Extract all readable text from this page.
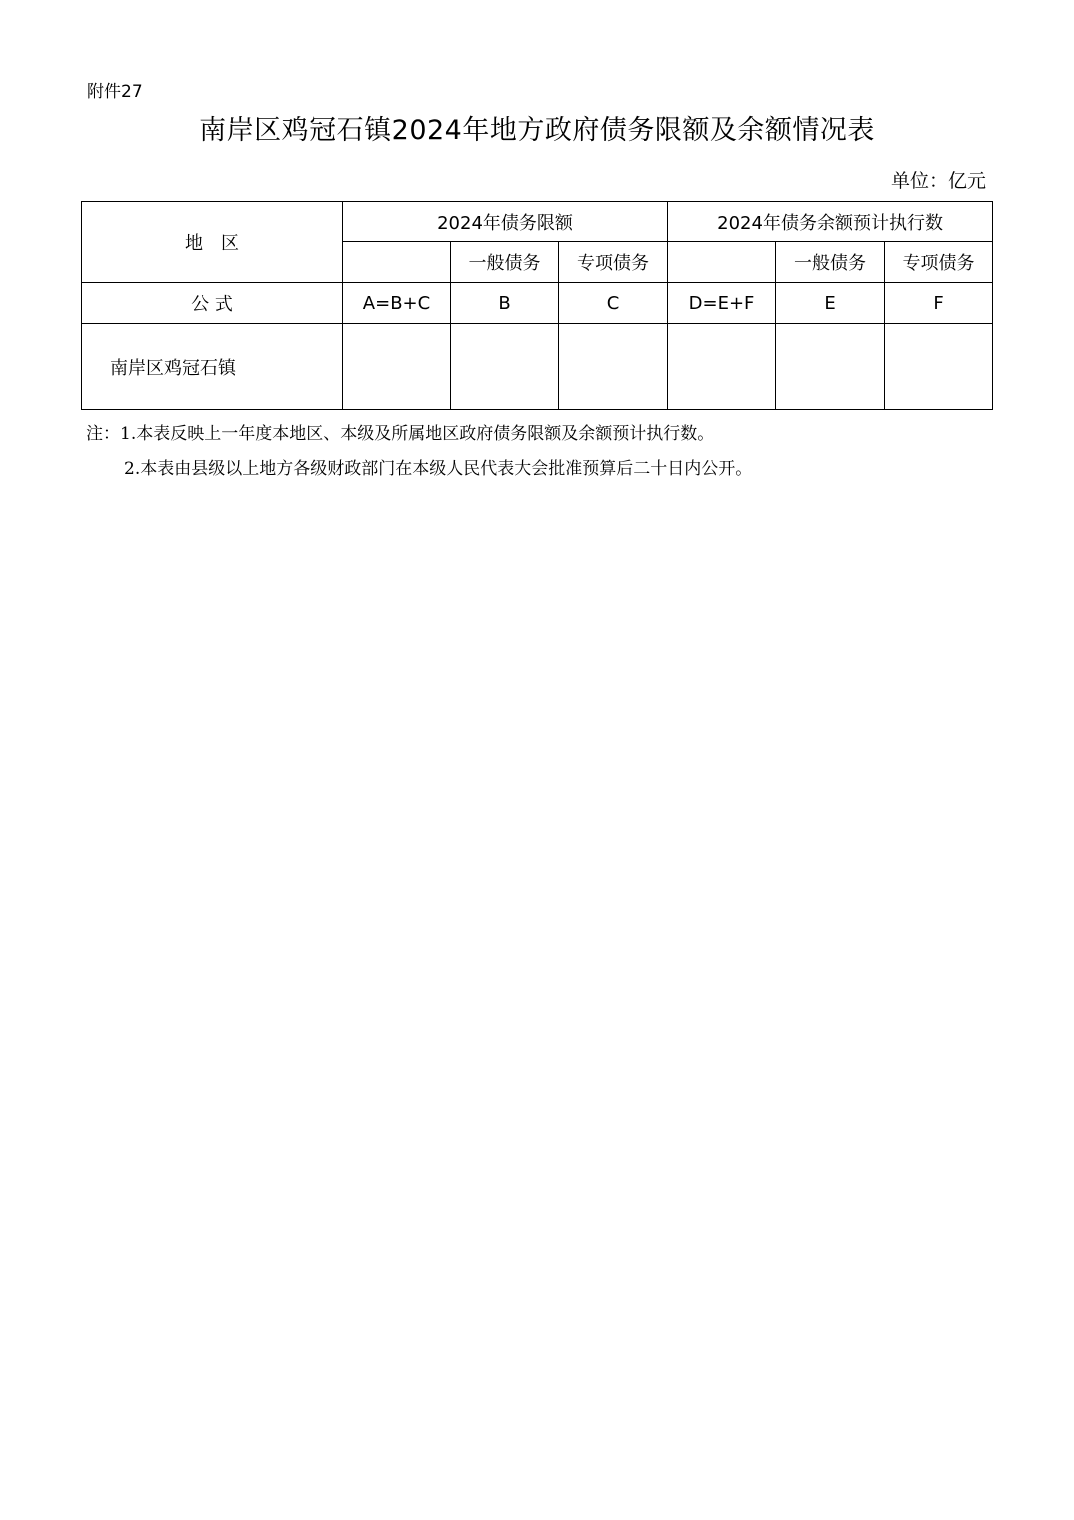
附件27
南岸区鸡冠石镇2024年地方政府债务限额及余额情况表
单位：亿元
地　区	2024年债务限额			2024年债务余额预计执行数		
		一般债务	专项债务		一般债务	专项债务
公 式	A=B+C	B	C	D=E+F	E	F
南岸区鸡冠石镇						
注：1.本表反映上一年度本地区、本级及所属地区政府债务限额及余额预计执行数。
2.本表由县级以上地方各级财政部门在本级人民代表大会批准预算后二十日内公开。
